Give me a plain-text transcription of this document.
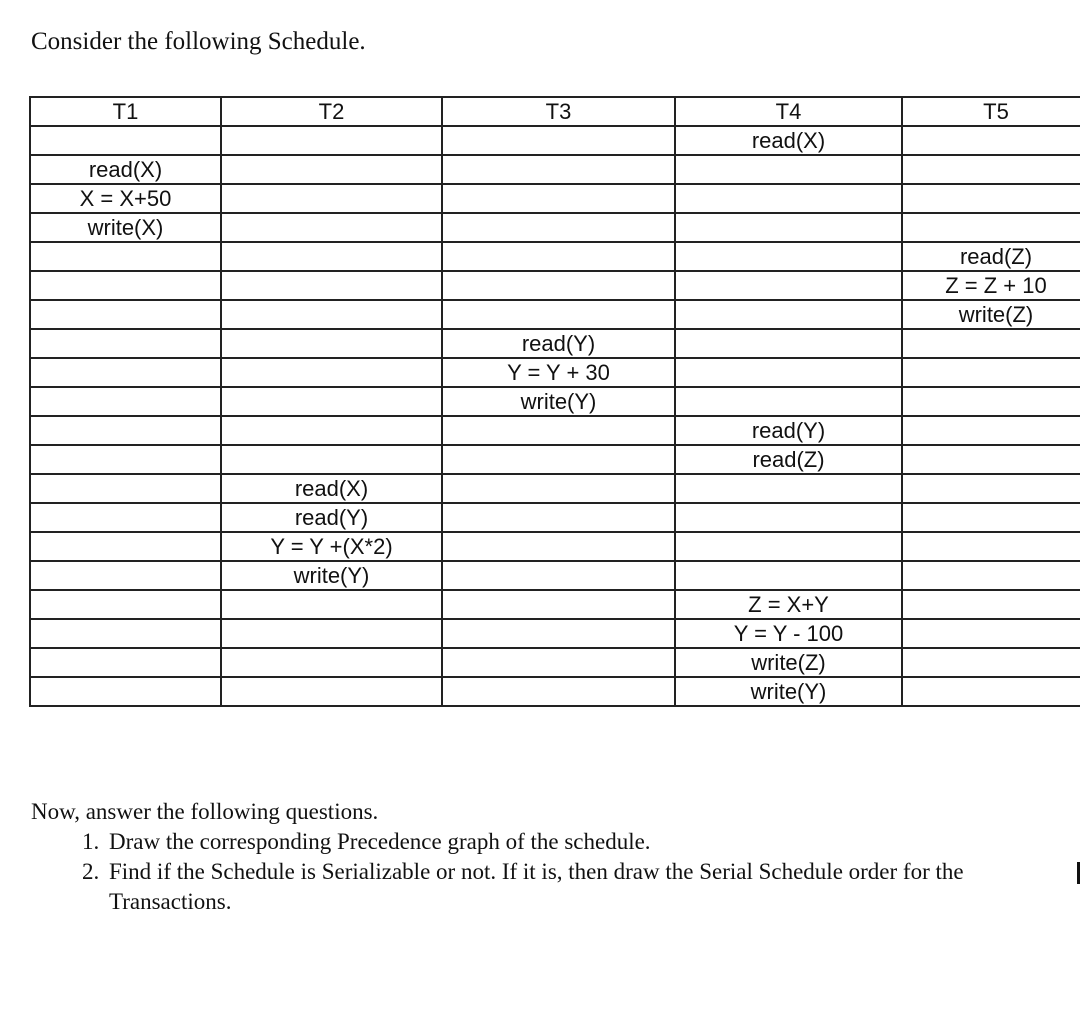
Consider the following Schedule.

T1	T2	T3	T4	T5
			read(X)	
read(X)				
X = X+50				
write(X)				
				read(Z)
				Z = Z + 10
				write(Z)
		read(Y)		
		Y = Y + 30		
		write(Y)		
			read(Y)	
			read(Z)	
	read(X)			
	read(Y)			
	Y = Y +(X*2)			
	write(Y)			
			Z = X+Y	
			Y = Y - 100	
			write(Z)	
			write(Y)	

Now, answer the following questions.

1. Draw the corresponding Precedence graph of the schedule.
2. Find if the Schedule is Serializable or not. If it is, then draw the Serial Schedule order for the Transactions.
